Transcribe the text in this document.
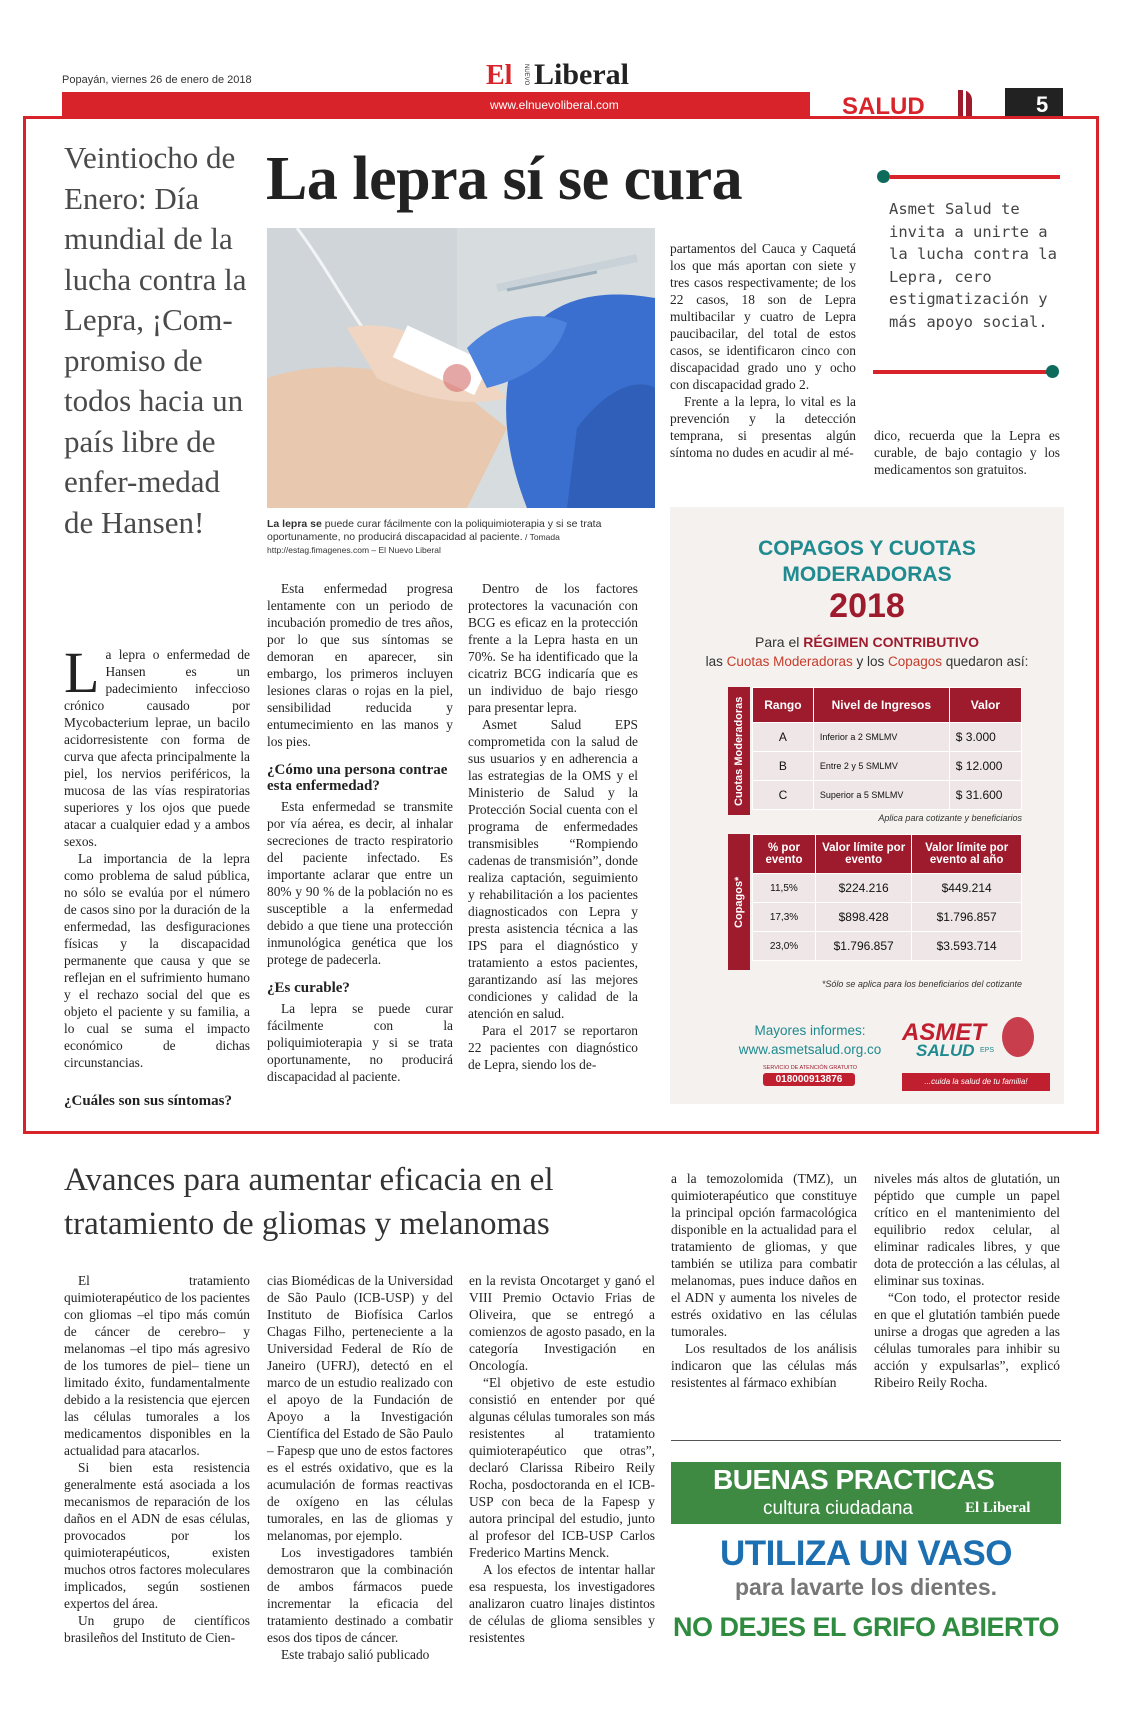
Popayán, viernes 26 de enero de 2018	El NUEVO Liberal
www.elnuevoliberal.com	SALUD	5
Veintiocho de Enero: Día mundial de la lucha contra la Lepra, ¡Com-promiso de todos hacia un país libre de enfer-medad de Hansen!
La lepra sí se cura
La lepra se puede curar fácilmente con la poliquimioterapia y si se trata oportunamente, no producirá discapacidad al paciente. / Tomada http://estag.fimagenes.com – El Nuevo Liberal

La lepra o enfermedad de Hansen es un padecimiento infeccioso crónico causado por Mycobacterium leprae, un bacilo acidorresistente con forma de curva que afecta principalmente la piel, los nervios periféricos, la mucosa de las vías respiratorias superiores y los ojos que puede atacar a cualquier edad y a ambos sexos.

La importancia de la lepra como problema de salud pública, no sólo se evalúa por el número de casos sino por la duración de la enfermedad, las desfiguraciones físicas y la discapacidad permanente que causa y que se reflejan en el sufrimiento humano y el rechazo social del que es objeto el paciente y su familia, a lo cual se suma el impacto económico de dichas circunstancias.

¿Cuáles son sus síntomas?

Esta enfermedad progresa lentamente con un periodo de incubación promedio de tres años, por lo que sus síntomas se demoran en aparecer, sin embargo, los primeros incluyen lesiones claras o rojas en la piel, sensibilidad reducida y entumecimiento en las manos y los pies.

¿Cómo una persona contrae esta enfermedad?

Esta enfermedad se transmite por vía aérea, es decir, al inhalar secreciones de tracto respiratorio del paciente infectado. Es importante aclarar que entre un 80% y 90 % de la población no es susceptible a la enfermedad debido a que tiene una protección inmunológica genética que los protege de padecerla.

¿Es curable?

La lepra se puede curar fácilmente con la poliquimioterapia y si se trata oportunamente, no producirá discapacidad al paciente.

Dentro de los factores protectores la vacunación con BCG es eficaz en la protección frente a la Lepra hasta en un 70%. Se ha identificado que la cicatriz BCG indicaría que es un individuo de bajo riesgo para presentar lepra.

Asmet Salud EPS comprometida con la salud de sus usuarios y en adherencia a las estrategias de la OMS y el Ministerio de Salud y la Protección Social cuenta con el programa de enfermedades transmisibles “Rompiendo cadenas de transmisión”, donde realiza captación, seguimiento y rehabilitación a los pacientes diagnosticados con Lepra y presta asistencia técnica a las IPS para el diagnóstico y tratamiento a estos pacientes, garantizando así las mejores condiciones y calidad de la atención en salud.

Para el 2017 se reportaron 22 pacientes con diagnóstico de Lepra, siendo los de-

partamentos del Cauca y Caquetá los que más aportan con siete y tres casos respectivamente; de los 22 casos, 18 son de Lepra multibacilar y cuatro de Lepra paucibacilar, del total de estos casos, se identificaron cinco con discapacidad grado uno y ocho con discapacidad grado 2.

Frente a la lepra, lo vital es la prevención y la detección temprana, si presentas algún síntoma no dudes en acudir al mé-

Asmet Salud te invita a unirte a la lucha contra la Lepra, cero estigmatización y más apoyo social.

dico, recuerda que la Lepra es curable, de bajo contagio y los medicamentos son gratuitos.

COPAGOS Y CUOTAS
MODERADORAS
2018
Para el RÉGIMEN CONTRIBUTIVO
las Cuotas Moderadoras y los Copagos quedaron así:
Cuotas Moderadoras	Rango	Nivel de Ingresos	Valor
A	Inferior a 2 SMLMV	$ 3.000
B	Entre 2 y 5 SMLMV	$ 12.000
C	Superior a 5 SMLMV	$ 31.600
Aplica para cotizante y beneficiarios
Copagos*
% por evento	Valor límite por evento	Valor límite por evento al año
11,5%	$224.216	$449.214
17,3%	$898.428	$1.796.857
23,0%	$1.796.857	$3.593.714
*Sólo se aplica para los beneficiarios del cotizante
Mayores informes:
www.asmetsalud.org.co
SERVICIO DE ATENCIÓN GRATUITO
018000913876
ASMET
SALUD EPS
...cuida la salud de tu familia!
Avances para aumentar eficacia en el tratamiento de gliomas y melanomas

El tratamiento quimioterapéutico de los pacientes con gliomas –el tipo más común de cáncer de cerebro– y melanomas –el tipo más agresivo de los tumores de piel– tiene un limitado éxito, fundamentalmente debido a la resistencia que ejercen las células tumorales a los medicamentos disponibles en la actualidad para atacarlos.

Si bien esta resistencia generalmente está asociada a los mecanismos de reparación de los daños en el ADN de esas células, provocados por los quimioterapéuticos, existen muchos otros factores moleculares implicados, según sostienen expertos del área.

Un grupo de científicos brasileños del Instituto de Cien-

cias Biomédicas de la Universidad de São Paulo (ICB-USP) y del Instituto de Biofísica Carlos Chagas Filho, perteneciente a la Universidad Federal de Río de Janeiro (UFRJ), detectó en el marco de un estudio realizado con el apoyo de la Fundación de Apoyo a la Investigación Científica del Estado de São Paulo – Fapesp que uno de estos factores es el estrés oxidativo, que es la acumulación de formas reactivas de oxígeno en las células tumorales, en las de gliomas y melanomas, por ejemplo.

Los investigadores también demostraron que la combinación de ambos fármacos puede incrementar la eficacia del tratamiento destinado a combatir esos dos tipos de cáncer.

Este trabajo salió publicado

en la revista Oncotarget y ganó el VIII Premio Octavio Frias de Oliveira, que se entregó a comienzos de agosto pasado, en la categoría Investigación en Oncología.

“El objetivo de este estudio consistió en entender por qué algunas células tumorales son más resistentes al tratamiento quimioterapéutico que otras”, declaró Clarissa Ribeiro Reily Rocha, posdoctoranda en el ICB-USP con beca de la Fapesp y autora principal del estudio, junto al profesor del ICB-USP Carlos Frederico Martins Menck.

A los efectos de intentar hallar esa respuesta, los investigadores analizaron cuatro linajes distintos de células de glioma sensibles y resistentes

a la temozolomida (TMZ), un quimioterapéutico que constituye la principal opción farmacológica disponible en la actualidad para el tratamiento de gliomas, y que también se utiliza para combatir melanomas, pues induce daños en el ADN y aumenta los niveles de estrés oxidativo en las células tumorales.

Los resultados de los análisis indicaron que las células más resistentes al fármaco exhibían

niveles más altos de glutatión, un péptido que cumple un papel crítico en el mantenimiento del equilibrio redox celular, al eliminar radicales libres, y que dota de protección a las células, al eliminar sus toxinas.

“Con todo, el protector reside en que el glutatión también puede unirse a drogas que agreden a las células tumorales para inhibir su acción y expulsarlas”, explicó Ribeiro Reily Rocha.

BUENAS PRACTICAS
cultura ciudadana	El Liberal
UTILIZA UN VASO
para lavarte los dientes.
NO DEJES EL GRIFO ABIERTO
